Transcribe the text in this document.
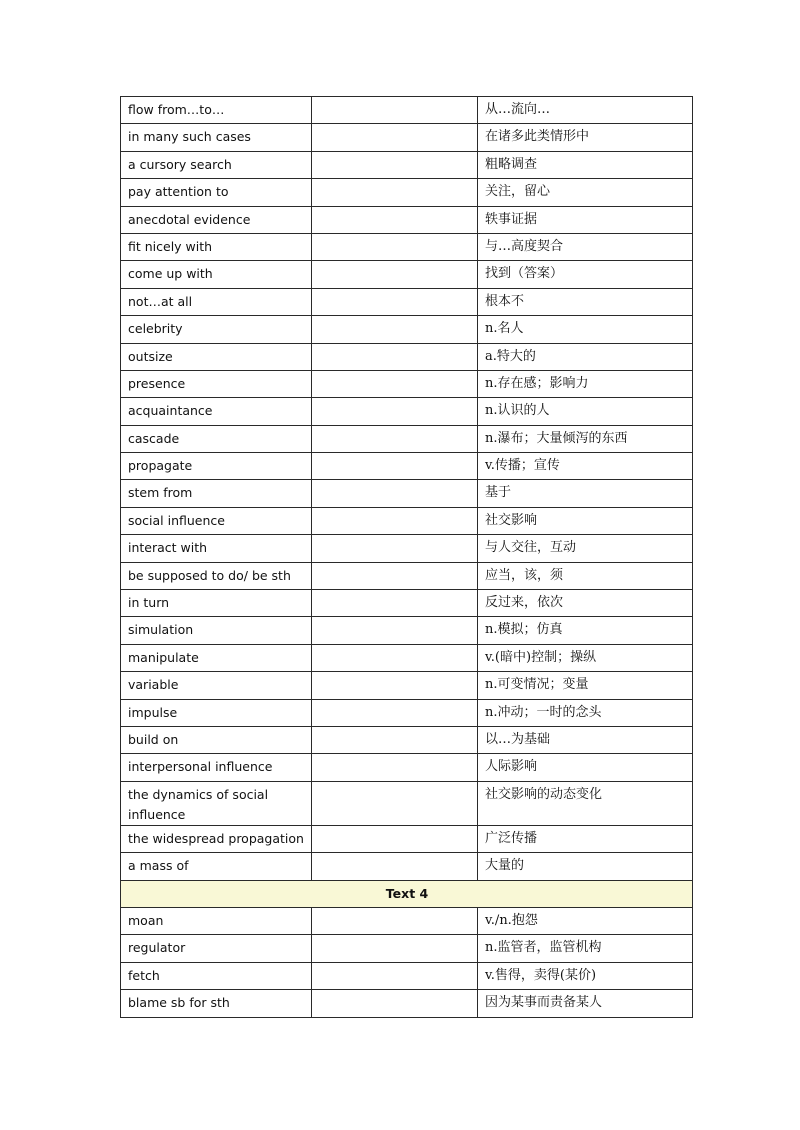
flow from…to…		从…流向…
in many such cases		在诸多此类情形中
a cursory search		粗略调查
pay attention to		关注，留心
anecdotal evidence		轶事证据
fit nicely with		与…高度契合
come up with		找到（答案）
not…at all		根本不
celebrity		n.名人
outsize		a.特大的
presence		n.存在感；影响力
acquaintance		n.认识的人
cascade		n.瀑布；大量倾泻的东西
propagate		v.传播；宣传
stem from		基于
social influence		社交影响
interact with		与人交往，互动
be supposed to do/ be sth		应当，该，须
in turn		反过来，依次
simulation		n.模拟；仿真
manipulate		v.(暗中)控制；操纵
variable		n.可变情况；变量
impulse		n.冲动；一时的念头
build on		以…为基础
interpersonal influence		人际影响
the dynamics of social influence		社交影响的动态变化
the widespread propagation		广泛传播
a mass of		大量的
Text 4		
moan		v./n.抱怨
regulator		n.监管者，监管机构
fetch		v.售得，卖得(某价)
blame sb for sth		因为某事而责备某人
